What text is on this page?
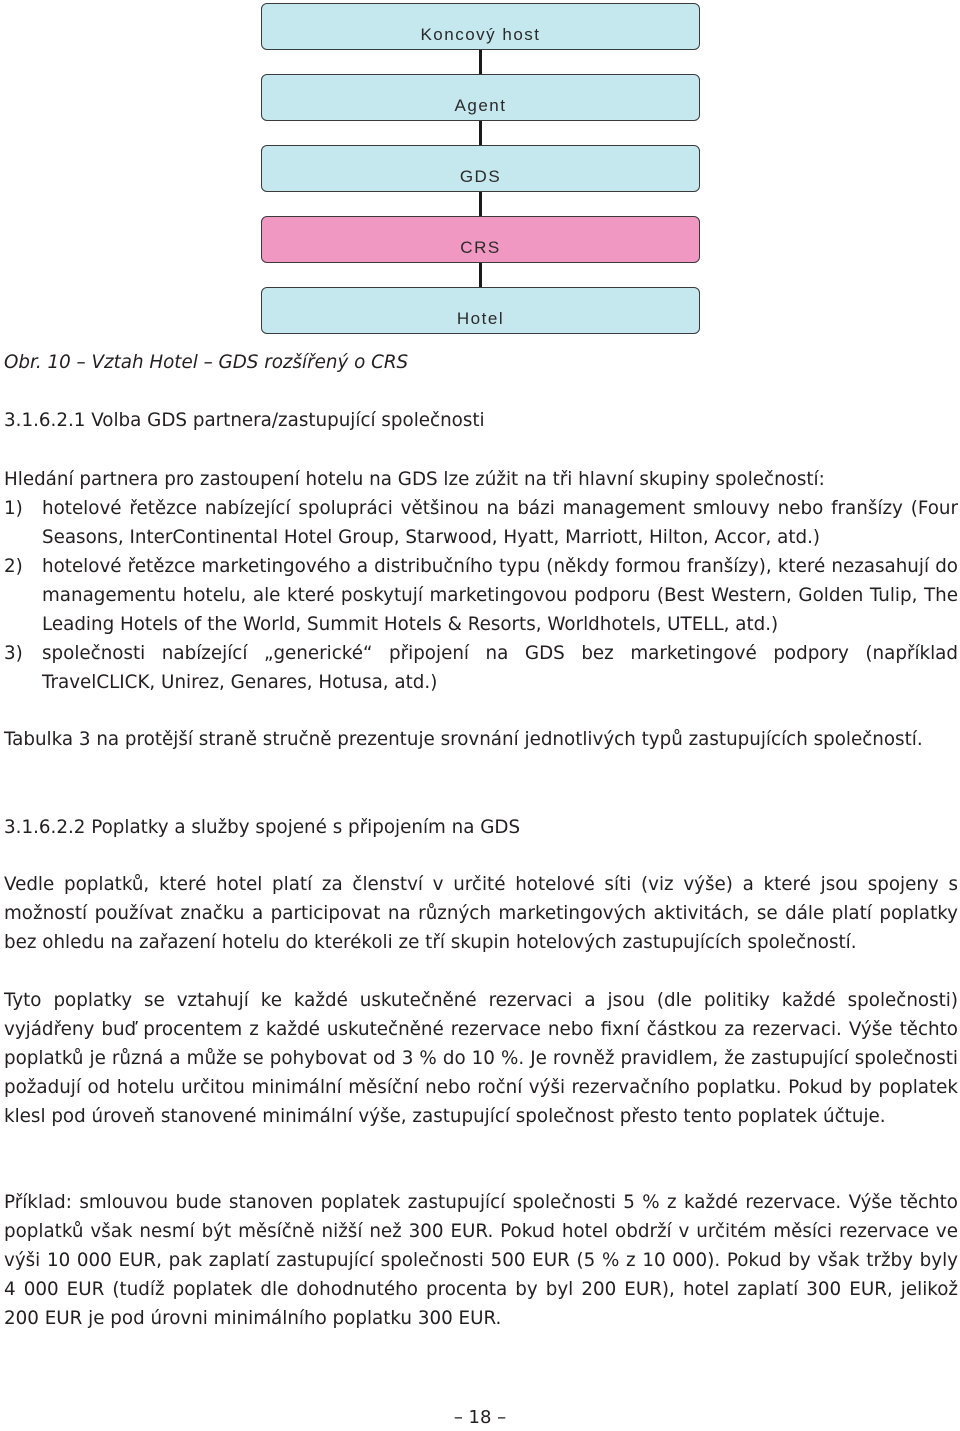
Koncový host
Agent
GDS
CRS
Hotel

Obr. 10 – Vztah Hotel – GDS rozšířený o CRS

3.1.6.2.1 Volba GDS partnera/zastupující společnosti

Hledání partnera pro zastoupení hotelu na GDS lze zúžit na tři hlavní skupiny společností:

1) hotelové řetězce nabízející spolupráci většinou na bázi management smlouvy nebo franšízy (Four Seasons, InterContinental Hotel Group, Starwood, Hyatt, Marriott, Hilton, Accor, atd.)
2) hotelové řetězce marketingového a distribučního typu (někdy formou franšízy), které nezasahují do managementu hotelu, ale které poskytují marketingovou podporu (Best Western, Golden Tulip, The Leading Hotels of the World, Summit Hotels & Resorts, Worldhotels, UTELL, atd.)
3) společnosti nabízející „generické“ připojení na GDS bez marketingové podpory (například TravelCLICK, Unirez, Genares, Hotusa, atd.)

Tabulka 3 na protější straně stručně prezentuje srovnání jednotlivých typů zastupujících společností.

3.1.6.2.2 Poplatky a služby spojené s připojením na GDS

Vedle poplatků, které hotel platí za členství v určité hotelové síti (viz výše) a které jsou spojeny s možností používat značku a participovat na různých marketingových aktivitách, se dále platí poplatky bez ohledu na zařazení hotelu do kterékoli ze tří skupin hotelových zastupujících společností.

Tyto poplatky se vztahují ke každé uskutečněné rezervaci a jsou (dle politiky každé společnosti) vyjádřeny buď procentem z každé uskutečněné rezervace nebo fixní částkou za rezervaci. Výše těchto poplatků je různá a může se pohybovat od 3 % do 10 %. Je rovněž pravidlem, že zastupující společnosti požadují od hotelu určitou minimální měsíční nebo roční výši rezervačního poplatku. Pokud by poplatek klesl pod úroveň stanovené minimální výše, zastupující společnost přesto tento poplatek účtuje.

Příklad: smlouvou bude stanoven poplatek zastupující společnosti 5 % z každé rezervace. Výše těchto poplatků však nesmí být měsíčně nižší než 300 EUR. Pokud hotel obdrží v určitém měsíci rezervace ve výši 10 000 EUR, pak zaplatí zastupující společnosti 500 EUR (5 % z 10 000). Pokud by však tržby byly 4 000 EUR (tudíž poplatek dle dohodnutého procenta by byl 200 EUR), hotel zaplatí 300 EUR, jelikož 200 EUR je pod úrovni minimálního poplatku 300 EUR.

– 18 –
